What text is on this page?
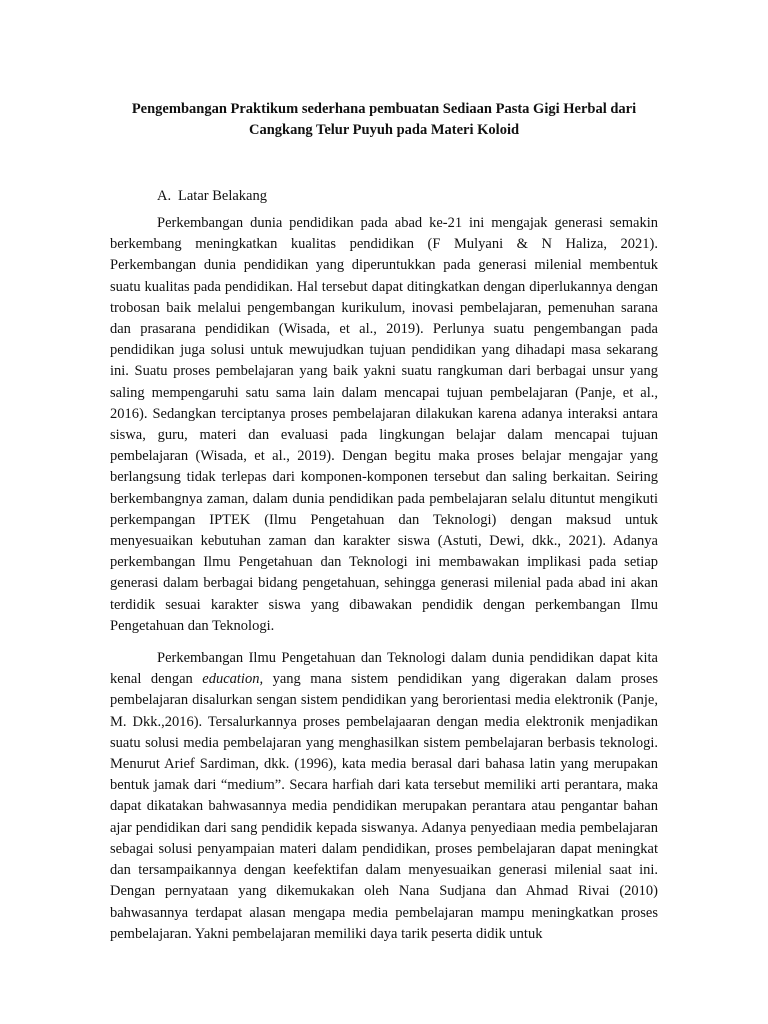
Pengembangan Praktikum sederhana pembuatan Sediaan Pasta Gigi Herbal dari Cangkang Telur Puyuh pada Materi Koloid
A. Latar Belakang

Perkembangan dunia pendidikan pada abad ke-21 ini mengajak generasi semakin berkembang meningkatkan kualitas pendidikan (F Mulyani & N Haliza, 2021). Perkembangan dunia pendidikan yang diperuntukkan pada generasi milenial membentuk suatu kualitas pada pendidikan. Hal tersebut dapat ditingkatkan dengan diperlukannya dengan trobosan baik melalui pengembangan kurikulum, inovasi pembelajaran, pemenuhan sarana dan prasarana pendidikan (Wisada, et al., 2019). Perlunya suatu pengembangan pada pendidikan juga solusi untuk mewujudkan tujuan pendidikan yang dihadapi masa sekarang ini. Suatu proses pembelajaran yang baik yakni suatu rangkuman dari berbagai unsur yang saling mempengaruhi satu sama lain dalam mencapai tujuan pembelajaran (Panje, et al., 2016). Sedangkan terciptanya proses pembelajaran dilakukan karena adanya interaksi antara siswa, guru, materi dan evaluasi pada lingkungan belajar dalam mencapai tujuan pembelajaran (Wisada, et al., 2019). Dengan begitu maka proses belajar mengajar yang berlangsung tidak terlepas dari komponen-komponen tersebut dan saling berkaitan. Seiring berkembangnya zaman, dalam dunia pendidikan pada pembelajaran selalu dituntut mengikuti perkempangan IPTEK (Ilmu Pengetahuan dan Teknologi) dengan maksud untuk menyesuaikan kebutuhan zaman dan karakter siswa (Astuti, Dewi, dkk., 2021). Adanya perkembangan Ilmu Pengetahuan dan Teknologi ini membawakan implikasi pada setiap generasi dalam berbagai bidang pengetahuan, sehingga generasi milenial pada abad ini akan terdidik sesuai karakter siswa yang dibawakan pendidik dengan perkembangan Ilmu Pengetahuan dan Teknologi.

Perkembangan Ilmu Pengetahuan dan Teknologi dalam dunia pendidikan dapat kita kenal dengan education, yang mana sistem pendidikan yang digerakan dalam proses pembelajaran disalurkan sengan sistem pendidikan yang berorientasi media elektronik (Panje, M. Dkk.,2016). Tersalurkannya proses pembelajaaran dengan media elektronik menjadikan suatu solusi media pembelajaran yang menghasilkan sistem pembelajaran berbasis teknologi. Menurut Arief Sardiman, dkk. (1996), kata media berasal dari bahasa latin yang merupakan bentuk jamak dari “medium”. Secara harfiah dari kata tersebut memiliki arti perantara, maka dapat dikatakan bahwasannya media pendidikan merupakan perantara atau pengantar bahan ajar pendidikan dari sang pendidik kepada siswanya. Adanya penyediaan media pembelajaran sebagai solusi penyampaian materi dalam pendidikan, proses pembelajaran dapat meningkat dan tersampaikannya dengan keefektifan dalam menyesuaikan generasi milenial saat ini. Dengan pernyataan yang dikemukakan oleh Nana Sudjana dan Ahmad Rivai (2010) bahwasannya terdapat alasan mengapa media pembelajaran mampu meningkatkan proses pembelajaran. Yakni pembelajaran memiliki daya tarik peserta didik untuk
